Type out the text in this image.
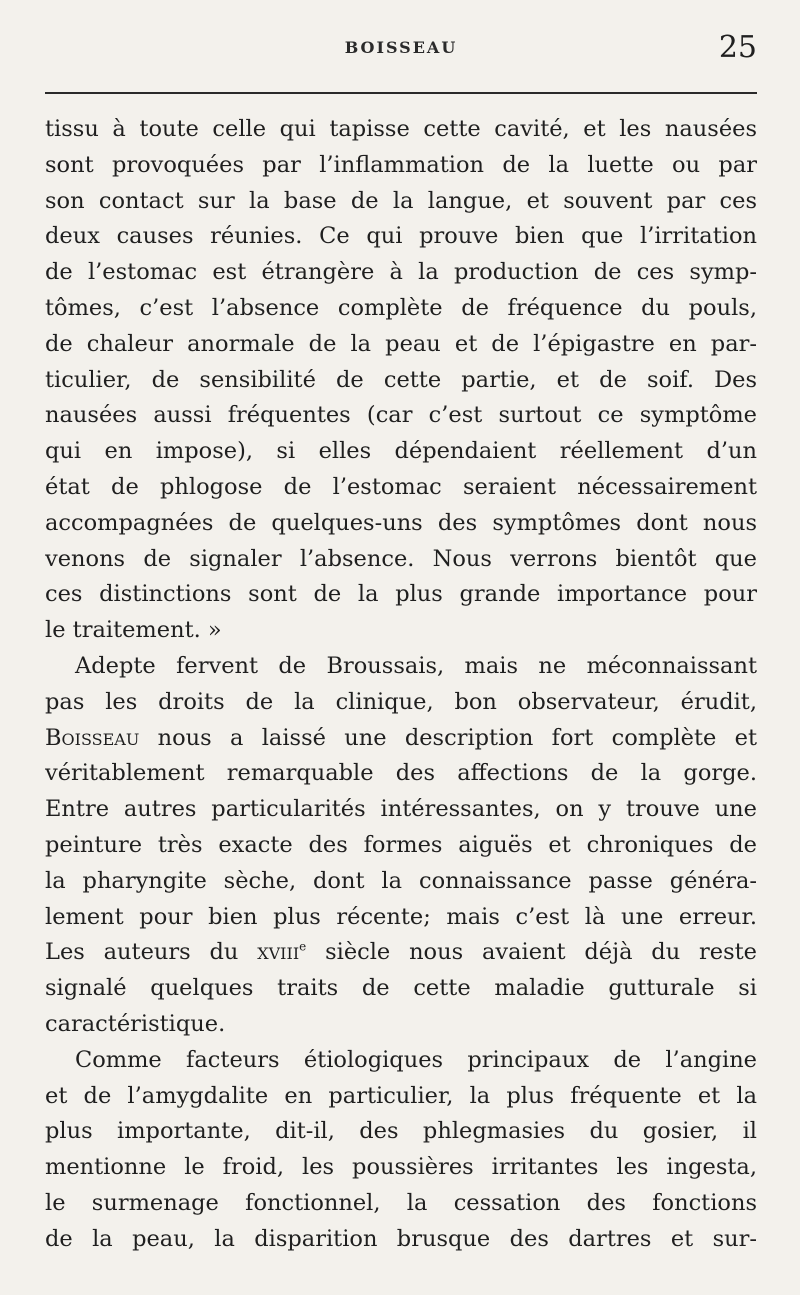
BOISSEAU	25
tissu à toute celle qui tapisse cette cavité, et les nausées
sont provoquées par l’inflammation de la luette ou par
son contact sur la base de la langue, et souvent par ces
deux causes réunies. Ce qui prouve bien que l’irritation
de l’estomac est étrangère à la production de ces symp-
tômes, c’est l’absence complète de fréquence du pouls,
de chaleur anormale de la peau et de l’épigastre en par-
ticulier, de sensibilité de cette partie, et de soif. Des
nausées aussi fréquentes (car c’est surtout ce symptôme
qui en impose), si elles dépendaient réellement d’un
état de phlogose de l’estomac seraient nécessairement
accompagnées de quelques-uns des symptômes dont nous
venons de signaler l’absence. Nous verrons bientôt que
ces distinctions sont de la plus grande importance pour
le traitement. »
Adepte fervent de Broussais, mais ne méconnaissant
pas les droits de la clinique, bon observateur, érudit,
Boisseau nous a laissé une description fort complète et
véritablement remarquable des affections de la gorge.
Entre autres particularités intéressantes, on y trouve une
peinture très exacte des formes aiguës et chroniques de
la pharyngite sèche, dont la connaissance passe généra-
lement pour bien plus récente; mais c’est là une erreur.
Les auteurs du xviii$^e$ siècle nous avaient déjà du reste
signalé quelques traits de cette maladie gutturale si
caractéristique.
Comme facteurs étiologiques principaux de l’angine
et de l’amygdalite en particulier, la plus fréquente et la
plus importante, dit-il, des phlegmasies du gosier, il
mentionne le froid, les poussières irritantes les ingesta,
le surmenage fonctionnel, la cessation des fonctions
de la peau, la disparition brusque des dartres et sur-
